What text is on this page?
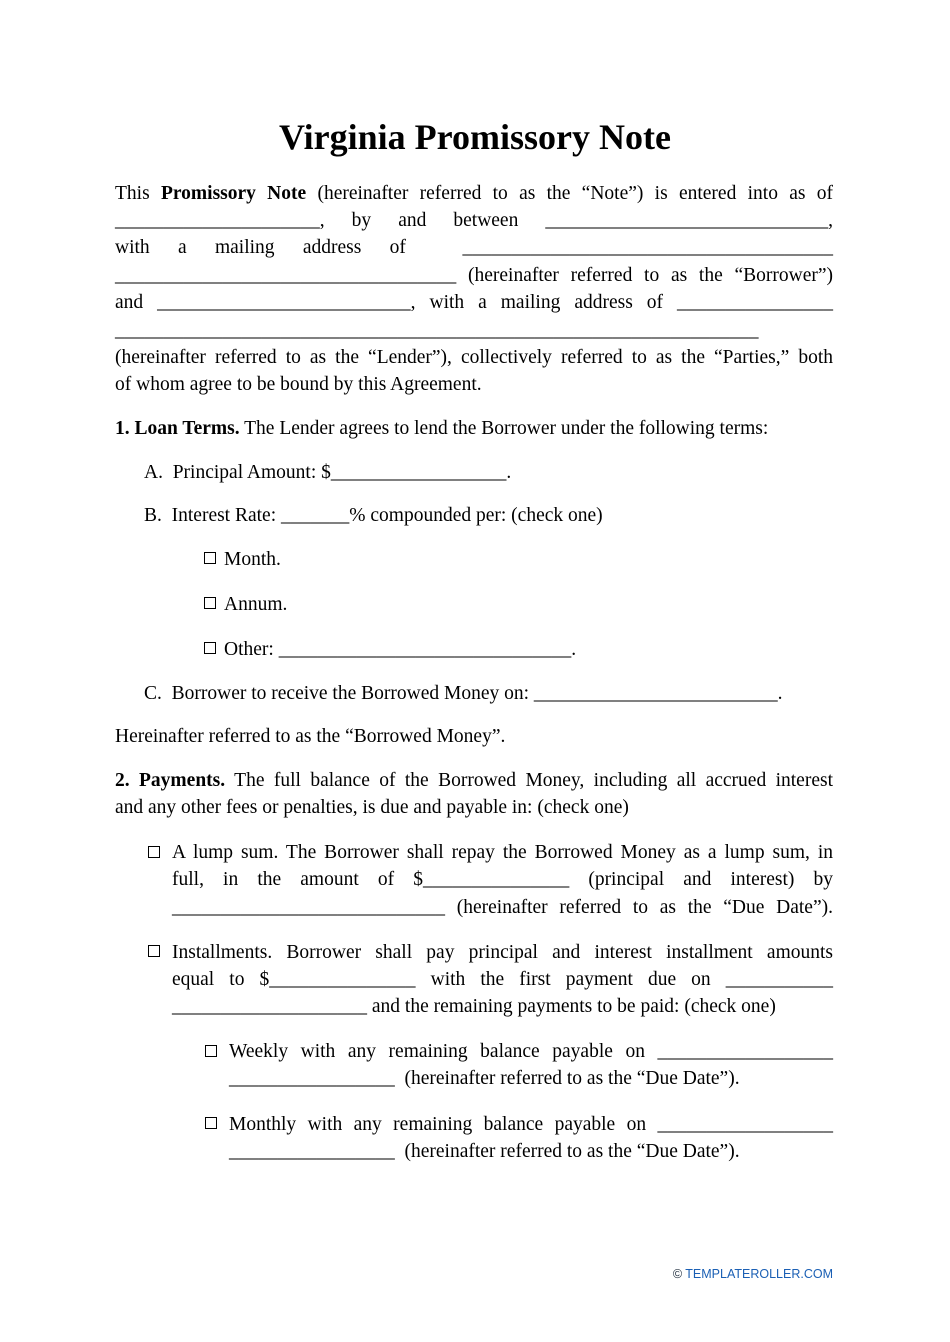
Virginia Promissory Note
This Promissory Note (hereinafter referred to as the “Note”) is entered into as of
_____________________, by and between _____________________________,
with a mailing address of  ______________________________________
___________________________________ (hereinafter referred to as the “Borrower”)
and __________________________, with a mailing address of ________________
__________________________________________________________________
(hereinafter referred to as the “Lender”), collectively referred to as the “Parties,” both
of whom agree to be bound by this Agreement.
1. Loan Terms. The Lender agrees to lend the Borrower under the following terms:
A.  Principal Amount: $__________________.
B.  Interest Rate: _______% compounded per: (check one)
Month.
Annum.
Other: ______________________________.
C.  Borrower to receive the Borrowed Money on: _________________________.
Hereinafter referred to as the “Borrowed Money”.
2. Payments. The full balance of the Borrowed Money, including all accrued interest
and any other fees or penalties, is due and payable in: (check one)
A lump sum. The Borrower shall repay the Borrowed Money as a lump sum, in
full,  in  the  amount  of  $_______________  (principal  and  interest)  by
____________________________ (hereinafter referred to as the “Due Date”).
Installments. Borrower shall pay principal and interest installment amounts
equal  to  $_______________  with  the  first  payment  due  on  ___________
____________________ and the remaining payments to be paid: (check one)
Weekly with any remaining balance payable on __________________
_________________  (hereinafter referred to as the “Due Date”).
Monthly with any remaining balance payable on __________________
_________________  (hereinafter referred to as the “Due Date”).
© TEMPLATEROLLER.COM
